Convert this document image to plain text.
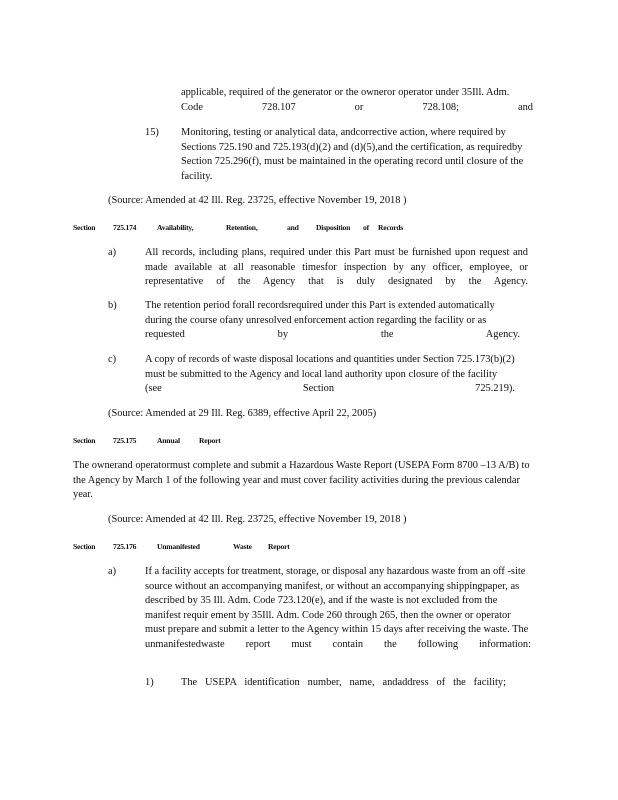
applicable, required of the generator or the owneror operator under 35Ill. Adm. Code 728.107 or 728.108; and

15) Monitoring, testing or analytical data, andcorrective action, where required by Sections 725.190 and 725.193(d)(2) and (d)(5),and the certification, as requiredby Section 725.296(f), must be maintained in the operating record until closure of the facility.

(Source: Amended at 42 Ill. Reg. 23725, effective November 19, 2018 )

Section 725.174	Availability,	Retention,	and Disposition of Records
a)	All records, including plans, required under this Part must be furnished upon request and made available at all reasonable timesfor inspection by any officer, employee, or representative of the Agency that is duly designated by the Agency.

b)	The retention period forall recordsrequired under this Part is extended automatically during the course ofany unresolved enforcement action regarding the facility or as requested by the Agency.

c)	A copy of records of waste disposal locations and quantities under Section 725.173(b)(2) must be submitted to the Agency and local land authority upon closure of the facility (see Section 725.219).

(Source: Amended at 29 Ill. Reg. 6389, effective April 22, 2005)

Section 725.175	Annual	Report

The ownerand operatormust complete and submit a Hazardous Waste Report (USEPA Form 8700 –13 A/B) to the Agency by March 1 of the following year and must cover facility activities during the previous calendar year.

(Source: Amended at 42 Ill. Reg. 23725, effective November 19, 2018 )

Section 725.176	Unmanifested	Waste Report
a)	If a facility accepts for treatment, storage, or disposal any hazardous waste from an off -site source without an accompanying manifest, or without an accompanying shippingpaper, as described by 35 Ill. Adm. Code 723.120(e), and if the waste is not excluded from the manifest requir ement by 35Ill. Adm. Code 260 through 265, then the owner or operator must prepare and submit a letter to the Agency within 15 days after receiving the waste. The unmanifestedwaste report must contain the following information:

1)	The USEPA identification number, name, andaddress of the facility;
